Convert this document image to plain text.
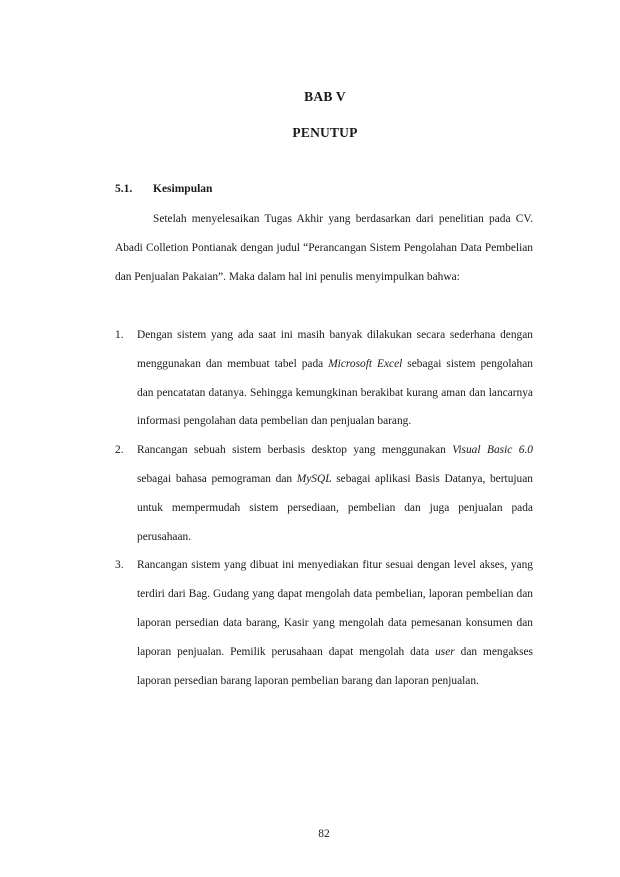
BAB V
PENUTUP
5.1. Kesimpulan

Setelah menyelesaikan Tugas Akhir yang berdasarkan dari penelitian pada CV. Abadi Colletion Pontianak dengan judul “Perancangan Sistem Pengolahan Data Pembelian dan Penjualan Pakaian”. Maka dalam hal ini penulis menyimpulkan bahwa:

1. Dengan sistem yang ada saat ini masih banyak dilakukan secara sederhana dengan menggunakan dan membuat tabel pada Microsoft Excel sebagai sistem pengolahan dan pencatatan datanya. Sehingga kemungkinan berakibat kurang aman dan lancarnya informasi pengolahan data pembelian dan penjualan barang.
2. Rancangan sebuah sistem berbasis desktop yang menggunakan Visual Basic 6.0 sebagai bahasa pemograman dan MySQL sebagai aplikasi Basis Datanya, bertujuan untuk mempermudah sistem persediaan, pembelian dan juga penjualan pada perusahaan.
3. Rancangan sistem yang dibuat ini menyediakan fitur sesuai dengan level akses, yang terdiri dari Bag. Gudang yang dapat mengolah data pembelian, laporan pembelian dan laporan persedian data barang, Kasir yang mengolah data pemesanan konsumen dan laporan penjualan. Pemilik perusahaan dapat mengolah data user dan mengakses laporan persedian barang laporan pembelian barang dan laporan penjualan.
82
